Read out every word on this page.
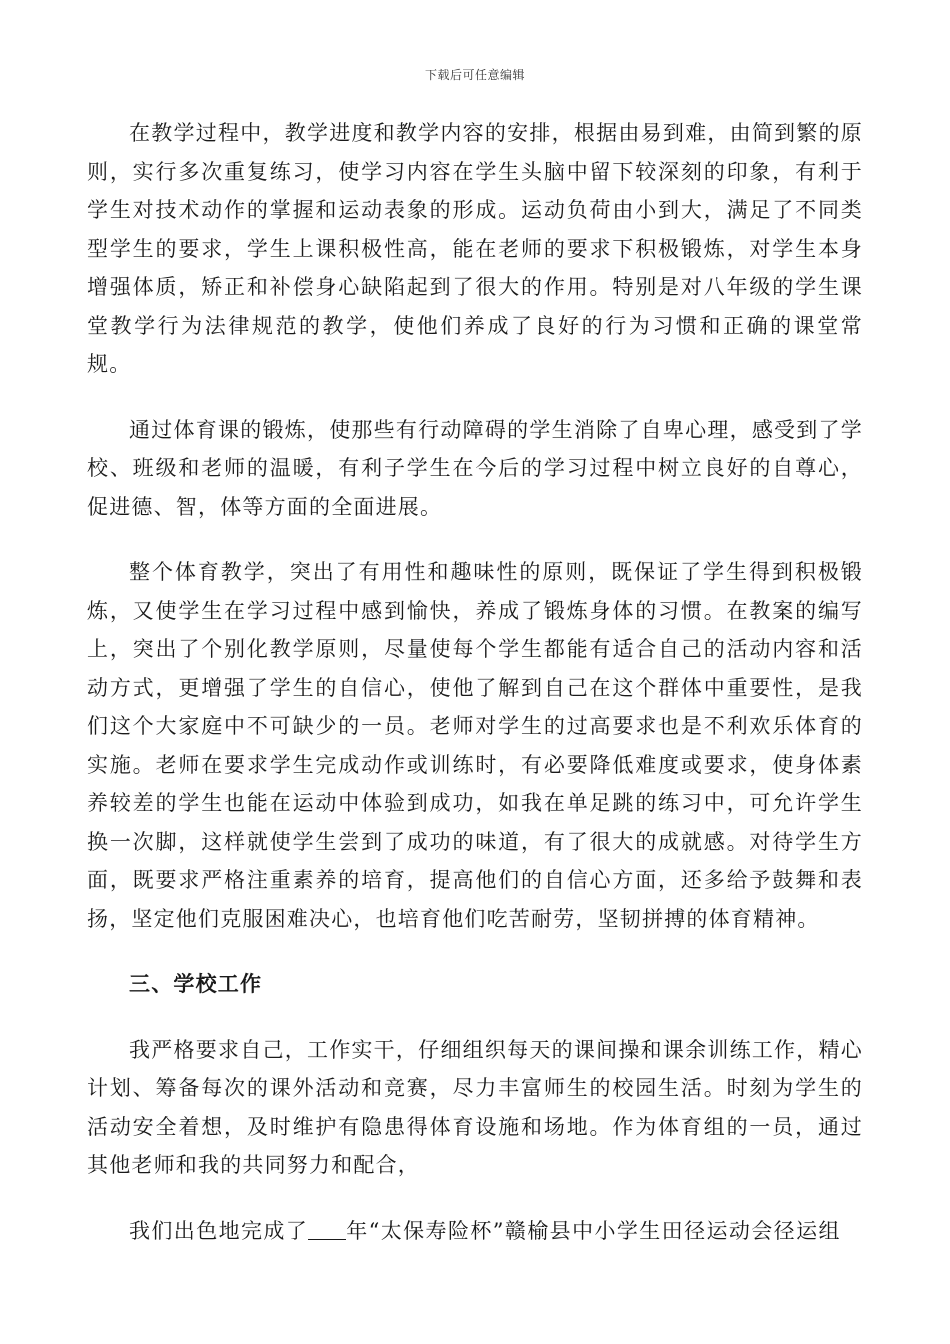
下载后可任意编辑

在教学过程中，教学进度和教学内容的安排，根据由易到难，由简到繁的原则，实行多次重复练习，使学习内容在学生头脑中留下较深刻的印象，有利于学生对技术动作的掌握和运动表象的形成。运动负荷由小到大，满足了不同类型学生的要求，学生上课积极性高，能在老师的要求下积极锻炼，对学生本身增强体质，矫正和补偿身心缺陷起到了很大的作用。特别是对八年级的学生课堂教学行为法律规范的教学，使他们养成了良好的行为习惯和正确的课堂常规。

通过体育课的锻炼，使那些有行动障碍的学生消除了自卑心理，感受到了学校、班级和老师的温暖，有利子学生在今后的学习过程中树立良好的自尊心，促进德、智，体等方面的全面进展。

整个体育教学，突出了有用性和趣味性的原则，既保证了学生得到积极锻炼，又使学生在学习过程中感到愉快，养成了锻炼身体的习惯。在教案的编写上，突出了个别化教学原则，尽量使每个学生都能有适合自己的活动内容和活动方式，更增强了学生的自信心，使他了解到自己在这个群体中重要性，是我们这个大家庭中不可缺少的一员。老师对学生的过高要求也是不利欢乐体育的实施。老师在要求学生完成动作或训练时，有必要降低难度或要求，使身体素养较差的学生也能在运动中体验到成功，如我在单足跳的练习中，可允许学生换一次脚，这样就使学生尝到了成功的味道，有了很大的成就感。对待学生方面，既要求严格注重素养的培育，提高他们的自信心方面，还多给予鼓舞和表扬，坚定他们克服困难决心，也培育他们吃苦耐劳，坚韧拼搏的体育精神。

三、学校工作

我严格要求自己，工作实干，仔细组织每天的课间操和课余训练工作，精心计划、筹备每次的课外活动和竞赛，尽力丰富师生的校园生活。时刻为学生的活动安全着想，及时维护有隐患得体育设施和场地。作为体育组的一员，通过其他老师和我的共同努力和配合，

我们出色地完成了 年“太保寿险杯”赣榆县中小学生田径运动会径运组
